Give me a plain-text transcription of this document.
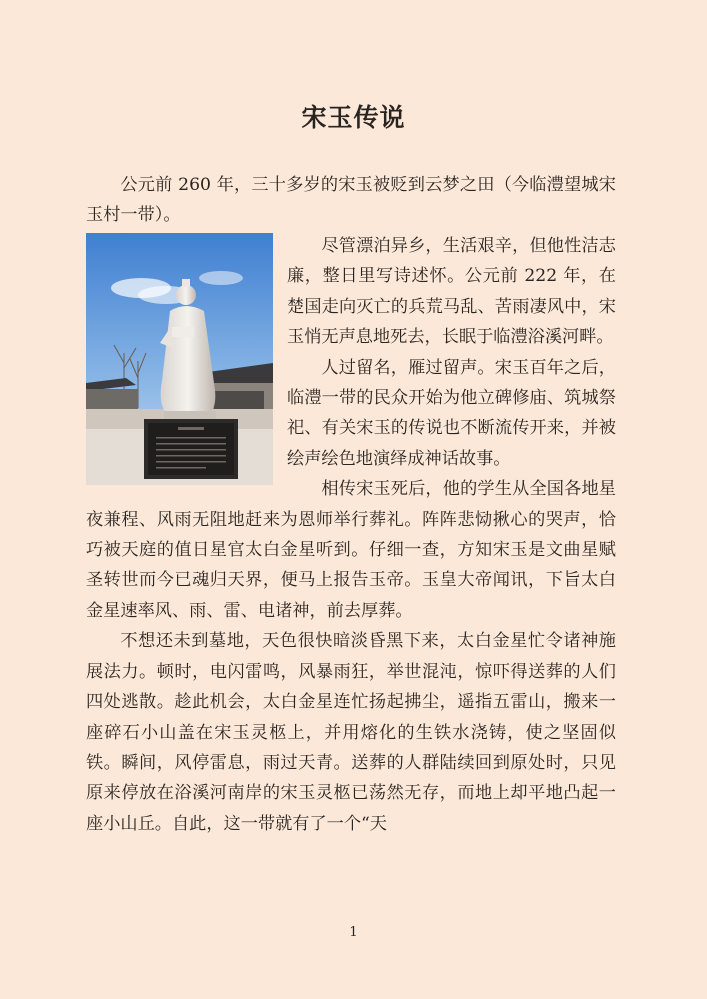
宋玉传说

公元前 260 年，三十多岁的宋玉被贬到云梦之田（今临澧望城宋玉村一带）。

尽管漂泊异乡，生活艰辛，但他性洁志廉，整日里写诗述怀。公元前 222 年，在楚国走向灭亡的兵荒马乱、苦雨凄风中，宋玉悄无声息地死去，长眠于临澧浴溪河畔。

人过留名，雁过留声。宋玉百年之后，临澧一带的民众开始为他立碑修庙、筑城祭祀、有关宋玉的传说也不断流传开来，并被绘声绘色地演绎成神话故事。

相传宋玉死后，他的学生从全国各地星夜兼程、风雨无阻地赶来为恩师举行葬礼。阵阵悲恸揪心的哭声，恰巧被天庭的值日星官太白金星听到。仔细一查，方知宋玉是文曲星赋圣转世而今已魂归天界，便马上报告玉帝。玉皇大帝闻讯，下旨太白金星速率风、雨、雷、电诸神，前去厚葬。

不想还未到墓地，天色很快暗淡昏黑下来，太白金星忙令诸神施展法力。顿时，电闪雷鸣，风暴雨狂，举世混沌，惊吓得送葬的人们四处逃散。趁此机会，太白金星连忙扬起拂尘，遥指五雷山，搬来一座碎石小山盖在宋玉灵柩上，并用熔化的生铁水浇铸，使之坚固似铁。瞬间，风停雷息，雨过天青。送葬的人群陆续回到原处时，只见原来停放在浴溪河南岸的宋玉灵柩已荡然无存，而地上却平地凸起一座小山丘。自此，这一带就有了一个“天

1
